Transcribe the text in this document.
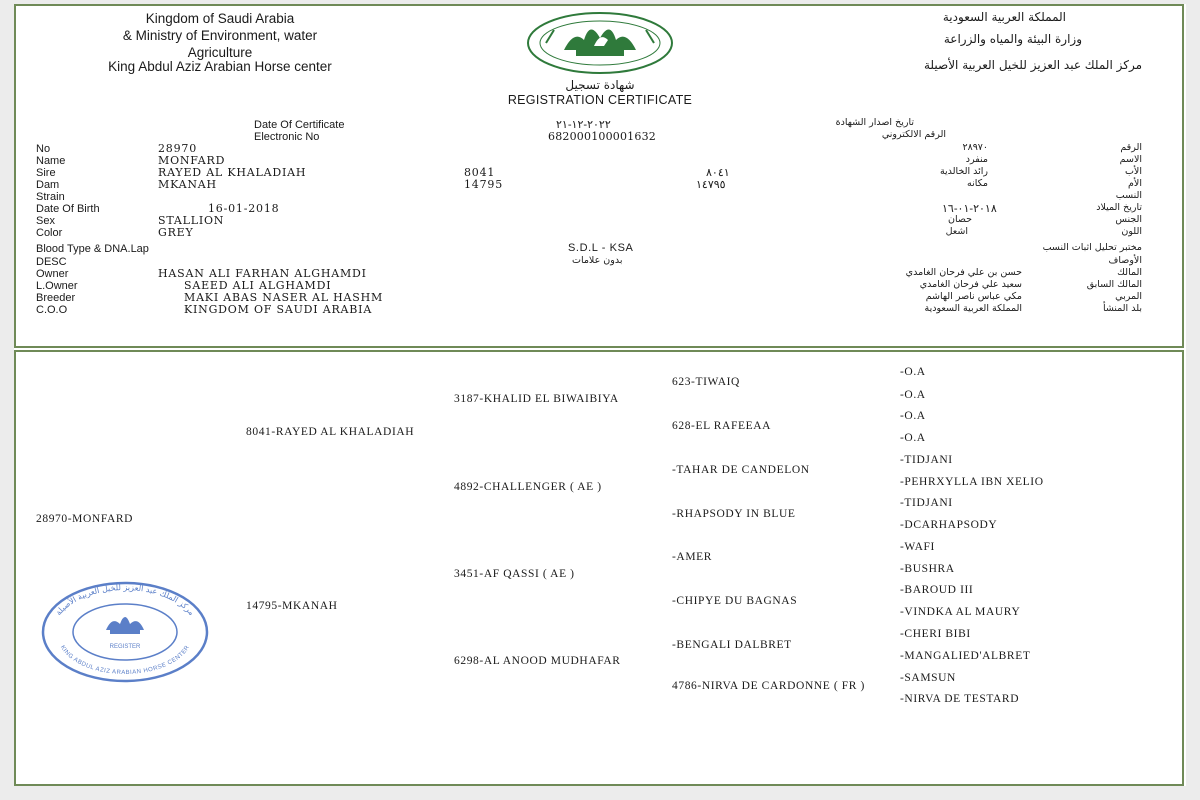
Kingdom of Saudi Arabia
& Ministry of Environment, water
Agriculture
King Abdul Aziz Arabian Horse center
المملكة العربية السعودية
وزارة البيئة والمياه والزراعة
مركز الملك عبد العزيز للخيل العربية الأصيلة
شهادة تسجيل
REGISTRATION CERTIFICATE
Date Of Certificate	٢٠٢٢-١٢-٢١	تاريخ اصدار الشهادة
Electronic No	682000100001632	الرقم الالكتروني
No	28970	٢٨٩٧٠	الرقم
Name	MONFARD	منفرد	الاسم
Sire	RAYED AL KHALADIAH	8041	٨٠٤١	رائد الخالدية	الأب
Dam	MKANAH	14795	١٤٧٩٥	مكانه	الأم
Strain	النسب
Date Of Birth	16-01-2018	٢٠١٨-٠١-١٦	تاريخ الميلاد
Sex	STALLION	حصان	الجنس
Color	GREY	اشعل	اللون
Blood Type & DNA.Lap	S.D.L - KSA	مختبر تحليل اثبات النسب
DESC	بدون علامات	الأوصاف
Owner	HASAN ALI FARHAN ALGHAMDI	حسن بن علي فرحان الغامدي	المالك
L.Owner	SAEED ALI ALGHAMDI	سعيد علي فرحان الغامدي	المالك السابق
Breeder	MAKI ABAS NASER AL HASHM	مكي عباس ناصر الهاشم	المربي
C.O.O	KINGDOM OF SAUDI ARABIA	المملكة العربية السعودية	بلد المنشأ
28970-MONFARD
8041-RAYED AL KHALADIAH
14795-MKANAH
3187-KHALID EL BIWAIBIYA
4892-CHALLENGER ( AE )
3451-AF QASSI ( AE )
6298-AL ANOOD MUDHAFAR
623-TIWAIQ
628-EL RAFEEAA
-TAHAR DE CANDELON
-RHAPSODY IN BLUE
-AMER
-CHIPYE DU BAGNAS
-BENGALI DALBRET
4786-NIRVA DE CARDONNE ( FR )
-O.A
-O.A
-O.A
-O.A
-TIDJANI
-PEHRXYLLA IBN XELIO
-TIDJANI
-DCARHAPSODY
-WAFI
-BUSHRA
-BAROUD III
-VINDKA AL MAURY
-CHERI BIBI
-MANGALIED'ALBRET
-SAMSUN
-NIRVA DE TESTARD
مركز الملك عبد العزيز للخيل العربية الأصيلة
KING ABDUL AZIZ ARABIAN HORSE CENTER
REGISTER
